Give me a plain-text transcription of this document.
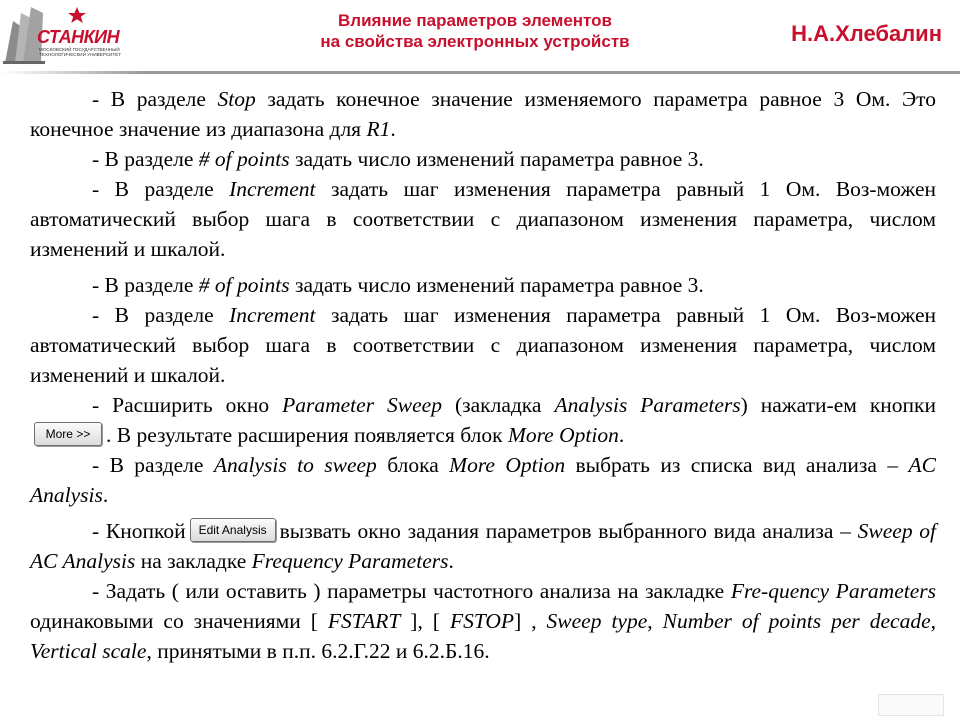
СТАНКИН
МОСКОВСКИЙ ГОСУДАРСТВЕННЫЙ ТЕХНОЛОГИЧЕСКИЙ УНИВЕРСИТЕТ
Влияние параметров элементов
на свойства электронных устройств	Н.А.Хлебалин

- В разделе Stop задать конечное значение изменяемого параметра равное 3 Ом. Это конечное значение из диапазона для R1.

- В разделе # of points задать число изменений параметра равное 3.

- В разделе Increment задать шаг изменения параметра равный 1 Ом. Воз-можен автоматический выбор шага в соответствии с диапазоном изменения параметра, числом изменений и шкалой.

- В разделе # of points задать число изменений параметра равное 3.

- В разделе Increment задать шаг изменения параметра равный 1 Ом. Воз-можен автоматический выбор шага в соответствии с диапазоном изменения параметра, числом изменений и шкалой.

- Расширить окно Parameter Sweep (закладка Analysis Parameters) нажати-ем кнопкиMore >> . В результате расширения появляется блок More Option.

- В разделе Analysis to sweep блока More Option выбрать из списка вид анализа – AC Analysis.

- Кнопкой Edit Analysis вызвать окно задания параметров выбранного вида анализа – Sweep of AC Analysis на закладке Frequency Parameters.

- Задать ( или оставить ) параметры частотного анализа на закладке Fre-quency Parameters одинаковыми со значениями [ FSTART ], [ FSTOP] , Sweep type, Number of points per decade, Vertical scale, принятыми в п.п. 6.2.Г.22 и 6.2.Б.16.
